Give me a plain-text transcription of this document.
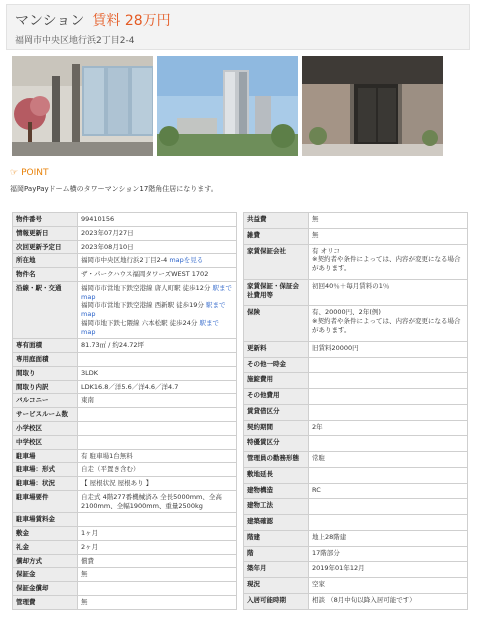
マンション 賃料 28万円
福岡市中央区地行浜2丁目2-4
☞ POINT
福岡PayPayドーム横のタワーマンション17階角住居になります。
物件番号	99410156
情報更新日	2023年07月27日
次回更新予定日	2023年08月10日
所在地	福岡市中央区地行浜2丁目2-4 mapを見る
物件名	ザ・パークハウス福岡タワーズWEST 1702
沿線・駅・交通	福岡市市営地下鉄空港線 唐人町駅 徒歩12分 駅までmap
福岡市市営地下鉄空港線 西新駅 徒歩19分 駅までmap
福岡市地下鉄七隈線 六本松駅 徒歩24分 駅までmap

専有面積	81.73㎡ / 約24.72坪
専用庭面積	
間取り	3LDK
間取り内訳	LDK16.8／洋5.6／洋4.6／洋4.7
バルコニー	東南
サービスルーム数	
小学校区	
中学校区	
駐車場	有 駐車場1台無料
駐車場：形式	自走（平置き含む）
駐車場：状況	【 屋根状況 屋根あり 】
駐車場要件	自走式 4階277番機械済み 全長5000mm、全高2100mm、全幅1900mm、重量2500kg
駐車場賃料金	
敷金	1ヶ月
礼金	2ヶ月
償却方式	償費
保証金	無
保証金償却	
管理費	無
共益費	無
雑費	無
家賃保証会社	有 オリコ
※契約者や条件によっては、内容が変更になる場合があります。
家賃保証・保証会社費用等	初回40％＋毎月賃料の1％
保険	有、20000円、2年(例)
※契約者や条件によっては、内容が変更になる場合があります。
更新料	旧賃料20000円
その他一時金	
施錠費用	
その他費用	
賃貸借区分	
契約期間	2年
特優賃区分	
管理員の勤務形態	常駐
敷地延長	
建物構造	RC
建物工法	
建築確認	
階建	地上28階建
階	17階部分
築年月	2019年01年12月
現況	空家
入居可能時期	相談 （8月中旬以降入居可能です）
